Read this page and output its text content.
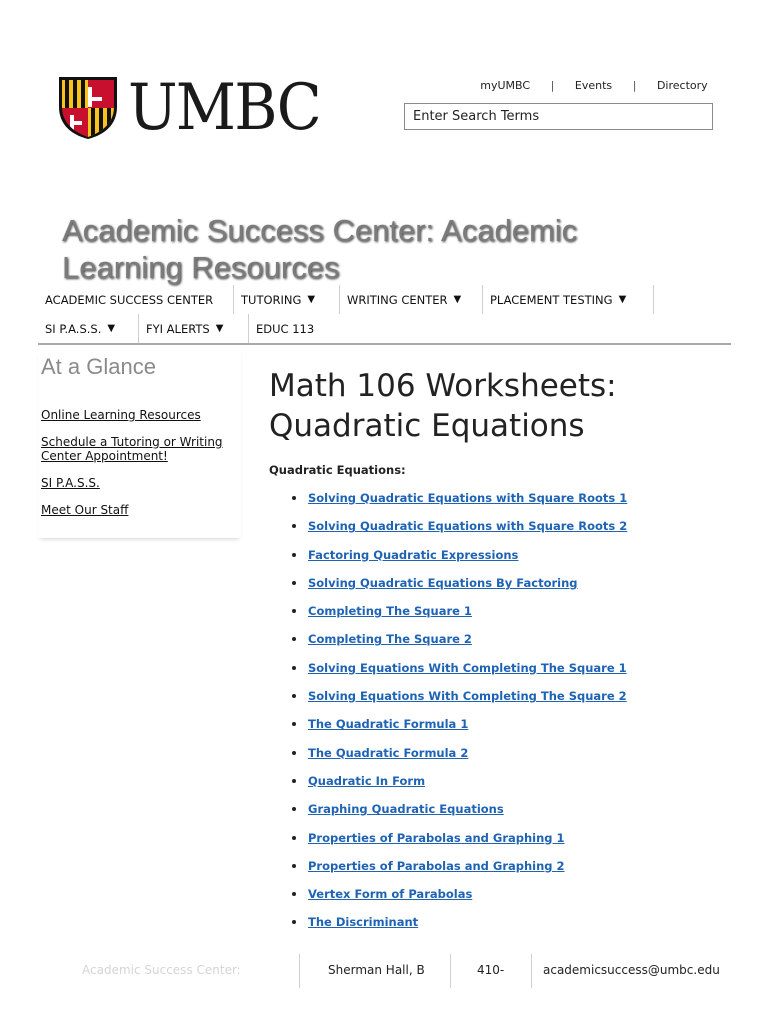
UMBC	myUMBC | Events | Directory
Enter Search Terms
Academic Success Center: Academic Learning Resources
ACADEMIC SUCCESS CENTER TUTORING ▼	WRITING CENTER ▼	PLACEMENT TESTING ▼
SI P.A.S.S. ▼	FYI ALERTS ▼	EDUC 113
At a Glance
Online Learning Resources
Schedule a Tutoring or Writing Center Appointment!
SI P.A.S.S.
Meet Our Staff
Math 106 Worksheets: Quadratic Equations
Quadratic Equations:
Solving Quadratic Equations with Square Roots 1
Solving Quadratic Equations with Square Roots 2
Factoring Quadratic Expressions
Solving Quadratic Equations By Factoring
Completing The Square 1
Completing The Square 2
Solving Equations With Completing The Square 1
Solving Equations With Completing The Square 2
The Quadratic Formula 1
The Quadratic Formula 2
Quadratic In Form
Graphing Quadratic Equations
Properties of Parabolas and Graphing 1
Properties of Parabolas and Graphing 2
Vertex Form of Parabolas
The Discriminant
Academic Success Center:	Sherman Hall, B	410-	academicsuccess@umbc.edu
